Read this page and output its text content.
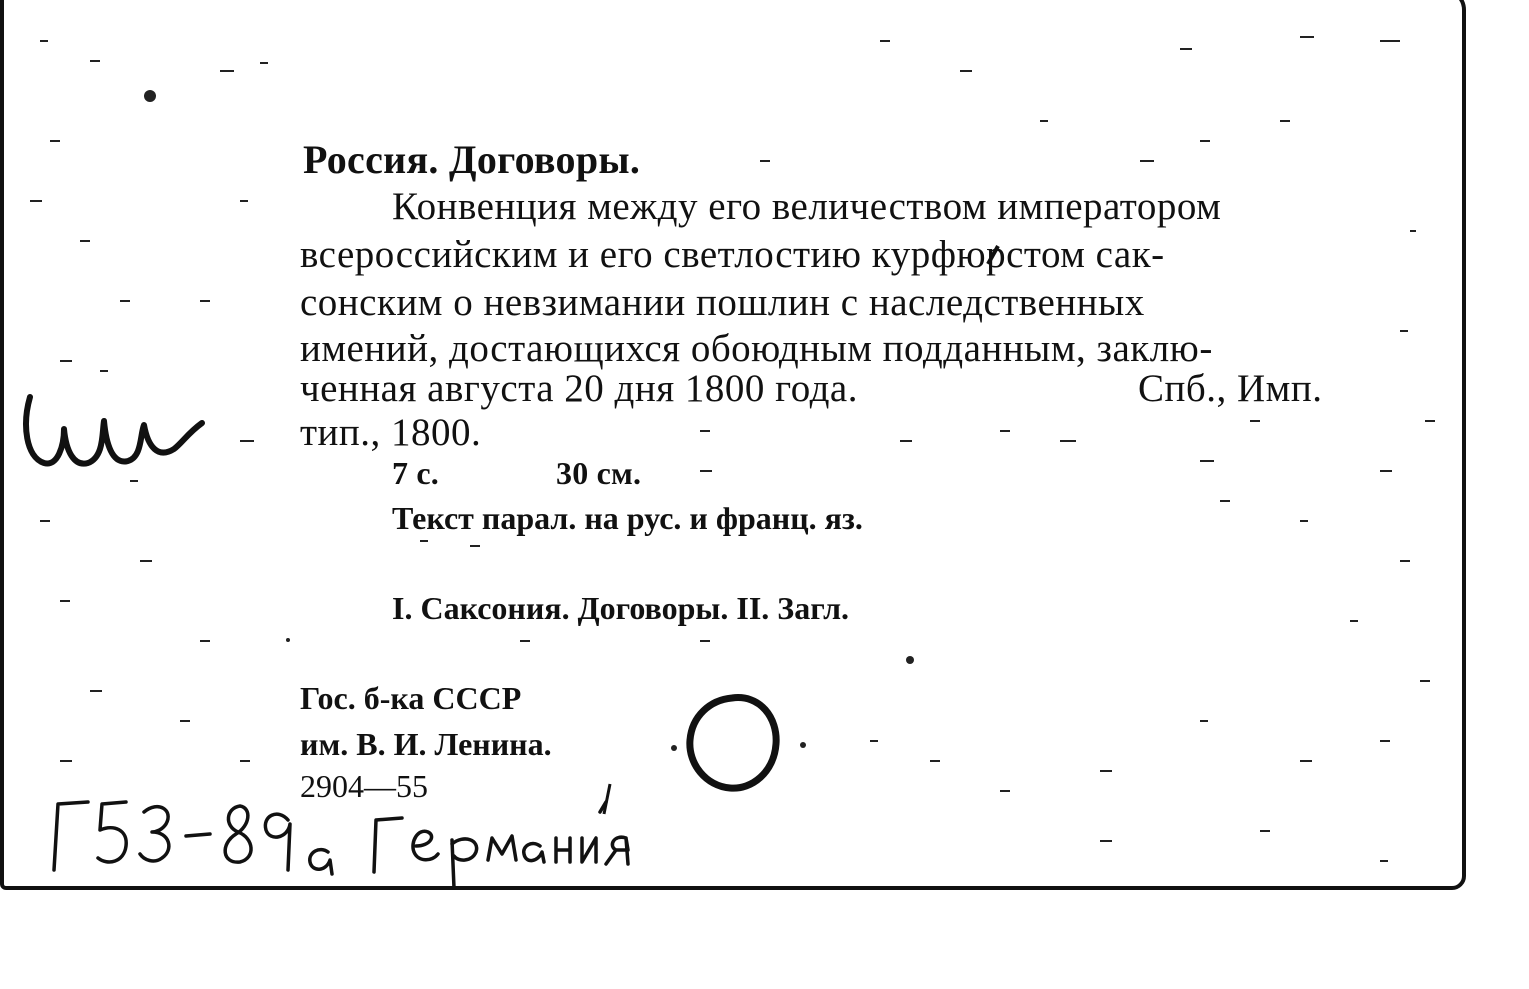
Россия. Договоры.
Конвенция между его величеством императором
всероссийским и его светлостию курфюрстом сак-
сонским о невзимании пошлин с наследственных
имений, достающихся обоюдным подданным, заклю-
ченная августа 20 дня 1800 года.	Спб., Имп.
тип., 1800.
7 с.	30 см.
Текст парал. на рус. и франц. яз.
I. Саксония. Договоры. II. Загл.
Гос. б-ка СССР
им. В. И. Ленина.
2904—55
